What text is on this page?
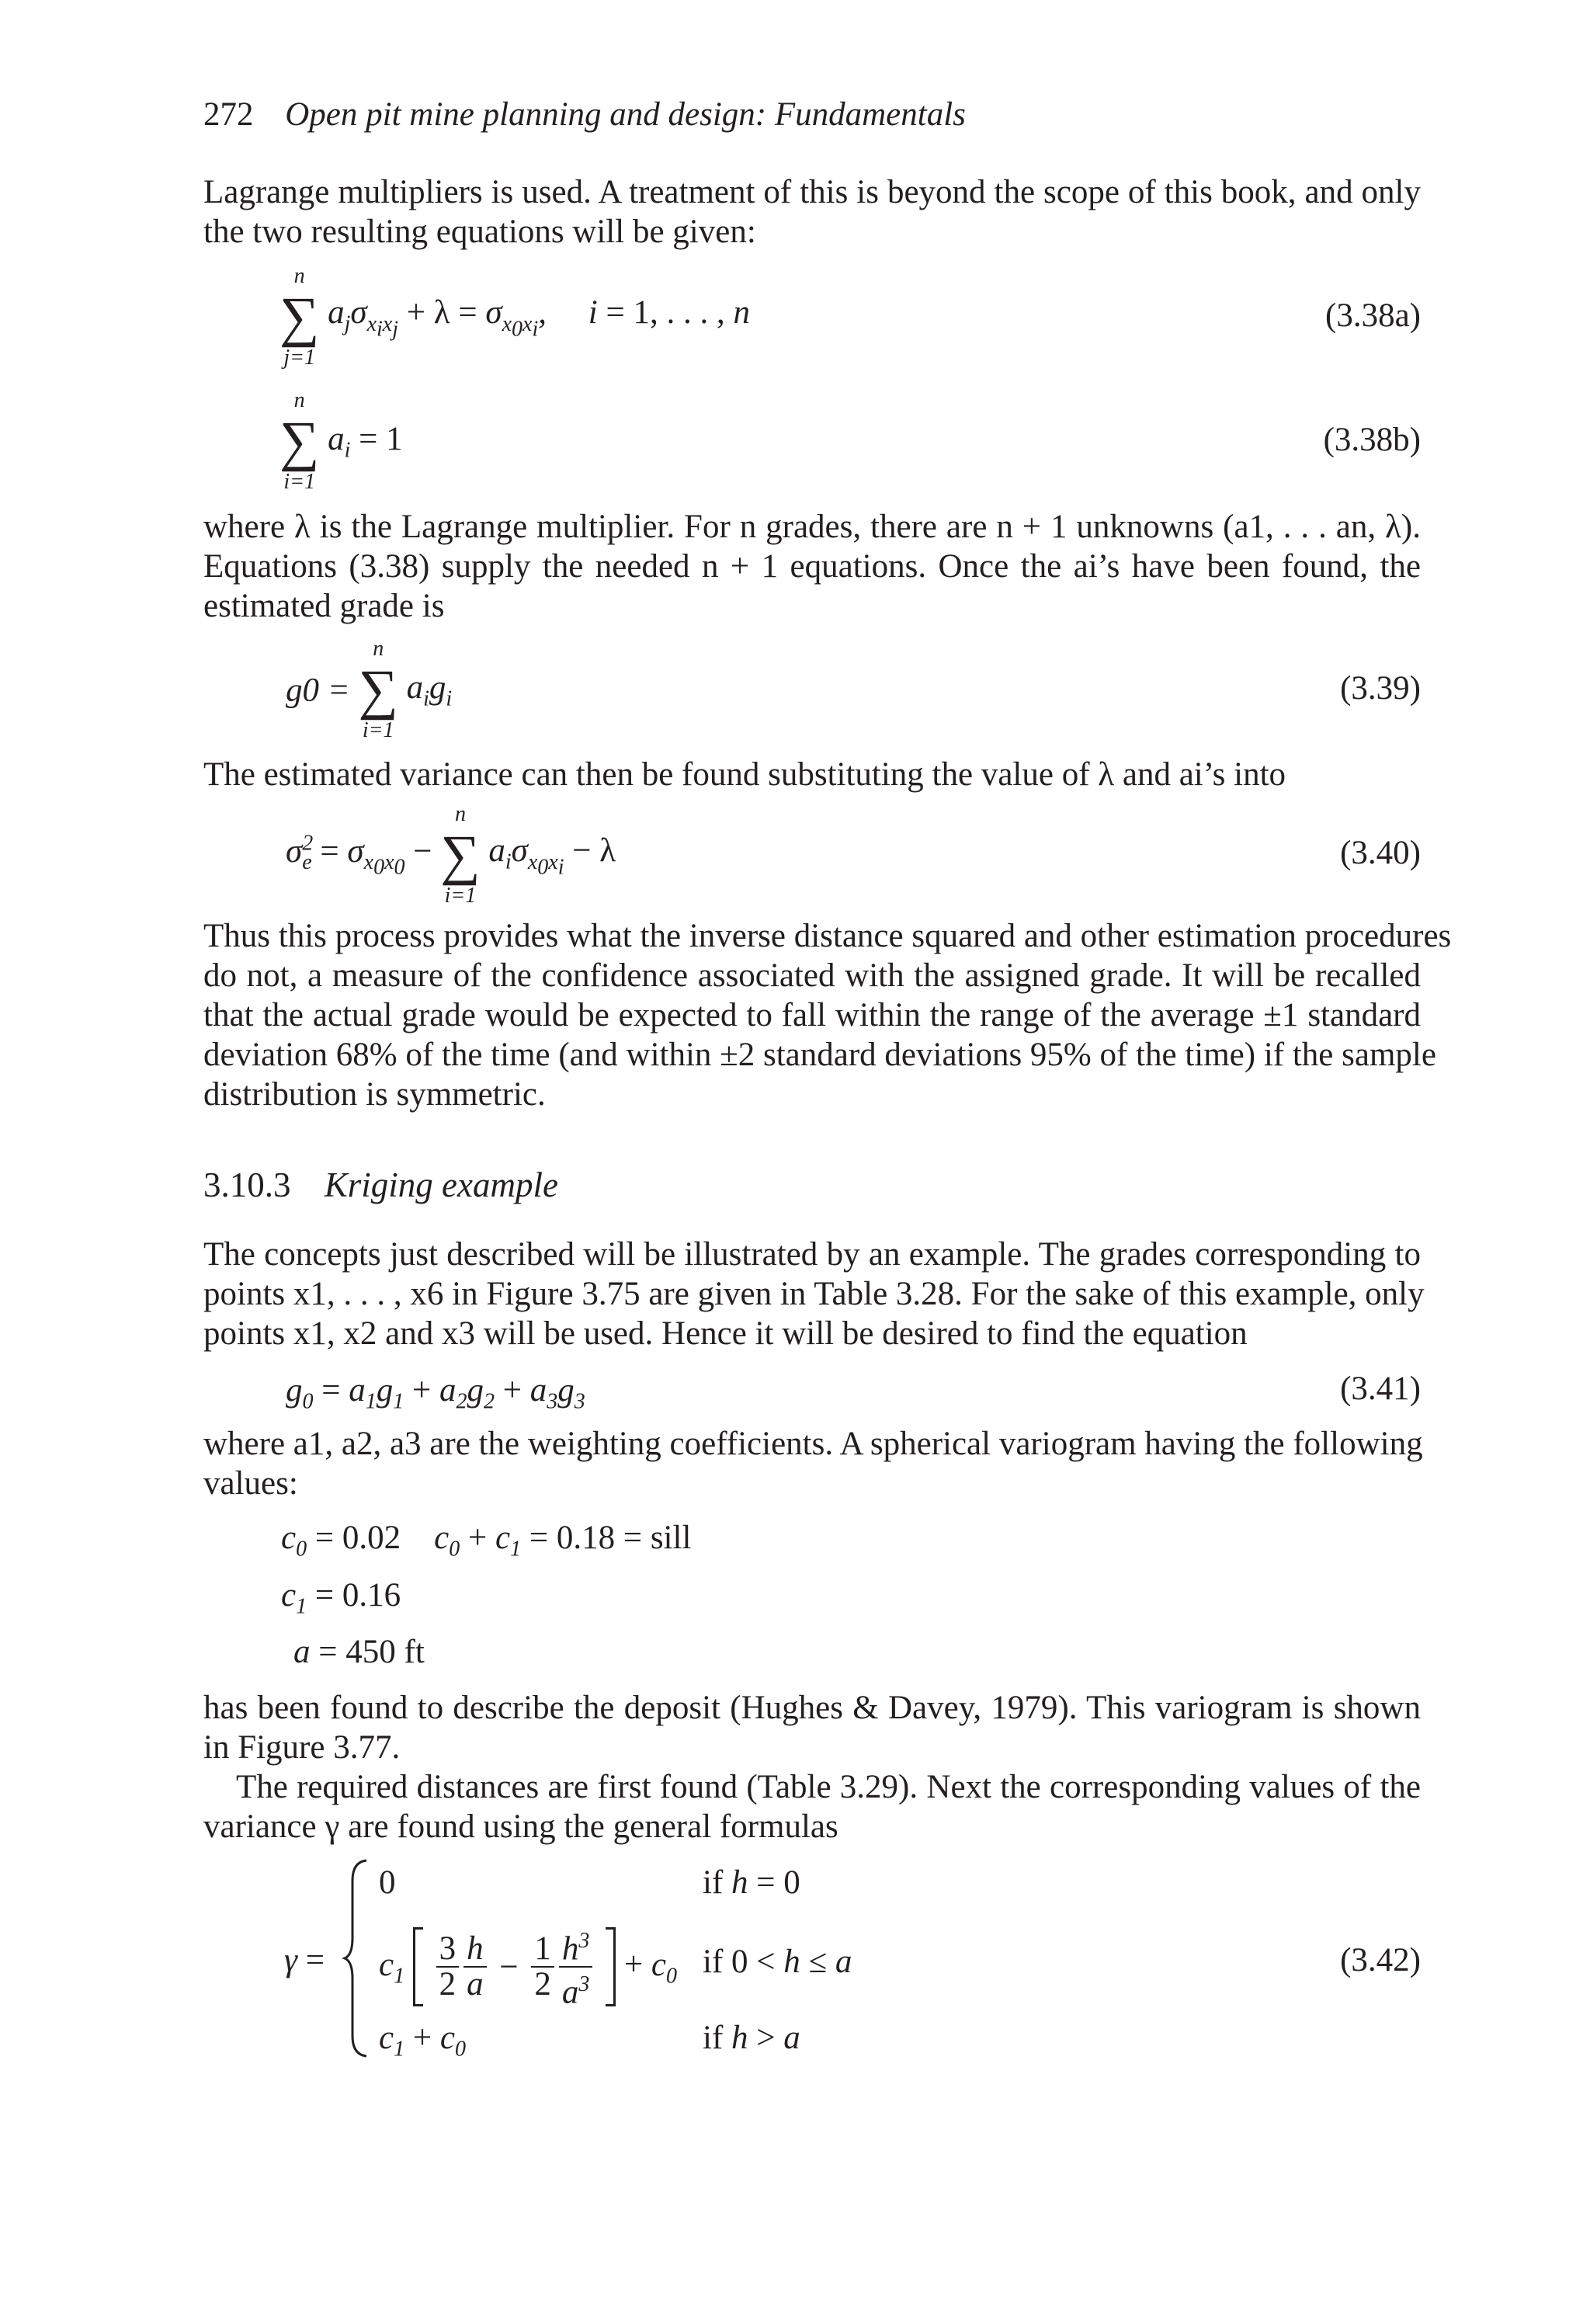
272 Open pit mine planning and design: Fundamentals
Lagrange multipliers is used. A treatment of this is beyond the scope of this book, and only
the two resulting equations will be given:
n
∑
j=1
$a_j\sigma_{x_ix_j} + \lambda = \sigma_{x_0x_i}$,     i = 1, . . . , n	(3.38a)
n
∑
i=1
$a_i = 1$	(3.38b)
where λ is the Lagrange multiplier. For n grades, there are n + 1 unknowns (a1, . . . an, λ).
Equations (3.38) supply the needed n + 1 equations. Once the ai’s have been found, the
estimated grade is
g0 =
n
∑
i=1
$a_ig_i$	(3.39)
The estimated variance can then be found substituting the value of λ and ai’s into
$\sigma^2_e = \sigma_{x_0x_0}$ −
n
∑
i=1
$a_i\sigma_{x_0x_i} - \lambda$	(3.40)
Thus this process provides what the inverse distance squared and other estimation procedures
do not, a measure of the confidence associated with the assigned grade. It will be recalled
that the actual grade would be expected to fall within the range of the average ±1 standard
deviation 68% of the time (and within ±2 standard deviations 95% of the time) if the sample
distribution is symmetric.
3.10.3 Kriging example
The concepts just described will be illustrated by an example. The grades corresponding to
points x1, . . . , x6 in Figure 3.75 are given in Table 3.28. For the sake of this example, only
points x1, x2 and x3 will be used. Hence it will be desired to find the equation
$g_0 = a_1g_1 + a_2g_2 + a_3g_3$	(3.41)
where a1, a2, a3 are the weighting coefficients. A spherical variogram having the following
values:
$c_0 = 0.02$    $c_0 + c_1 = 0.18$ = sill
$c_1 = 0.16$
a = 450 ft
has been found to describe the deposit (Hughes & Davey, 1979). This variogram is shown
in Figure 3.77.
The required distances are first found (Table 3.29). Next the corresponding values of the
variance γ are found using the general formulas
γ =
0	if h = 0
$c_1 \frac{3}{2} \frac{h}{a} - \frac{1}{2} \frac{h^3}{a^3} + c_0$ if 0 < h ≤ a
$c_1 + c_0$	if h > a
(3.42)
